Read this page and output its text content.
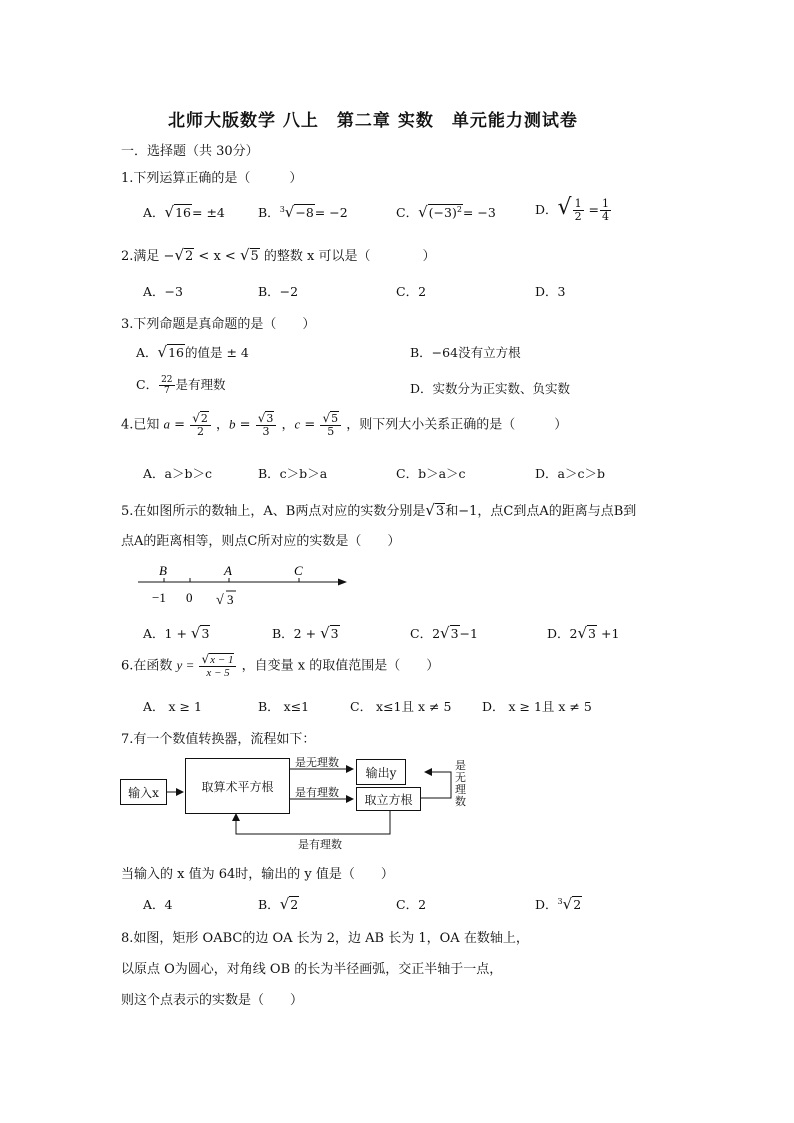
北师大版数学 八上　第二章 实数　单元能力测试卷
一．选择题（共 30分）
1.下列运算正确的是（　　　）
A．√16= ±4	B．$^3$√−8= −2	C．$√(-3)^2= -3$	D．√ $\frac{1}{2} = \frac{1}{4}$
2.满足 −√2 < x < √5 的整数 x 可以是（　　　　）
A．−3	B．−2	C．2	D．3
3.下列命题是真命题的是（　　）
A．√16的值是 ± 4	B．−64没有立方根
C． $\frac{22}{7}$ 是有理数	D．实数分为正实数、负实数
4.已知 $a = \frac{√2}{2}$ ，$b = \frac{√3}{3}$ ，$c = \frac{√5}{5}$ ，则下列大小关系正确的是（　　　）
A．a＞b＞c	B．c＞b＞a	C．b＞a＞c	D．a＞c＞b
5.在如图所示的数轴上，A、B两点对应的实数分别是√3和−1，点C到点A的距离与点B到
点A的距离相等，则点C所对应的实数是（　　）
B	A	C
−1 0 √ 3
A．1 + √3	B．2 + √3	C．2√3−1	D．2√3 +1
6.在函数 $y = \frac{√x - 1}{x - 5}$ ，自变量 x 的取值范围是（　　）
A． x ≥ 1	B． x≤1	C． x≤1且 x ≠ 5 D． x ≥ 1且 x ≠ 5
7.有一个数值转换器，流程如下：
输入x	取算术平方根
输出y
取立方根
是无理数
是有理数
是有理数
是
无
理
数
当输入的 x 值为 64时，输出的 y 值是（　　）
A．4	B．√2	C．2	D．$^3$√2
8.如图，矩形 OABC的边 OA 长为 2，边 AB 长为 1，OA 在数轴上，
以原点 O为圆心，对角线 OB 的长为半径画弧，交正半轴于一点，
则这个点表示的实数是（　　）
